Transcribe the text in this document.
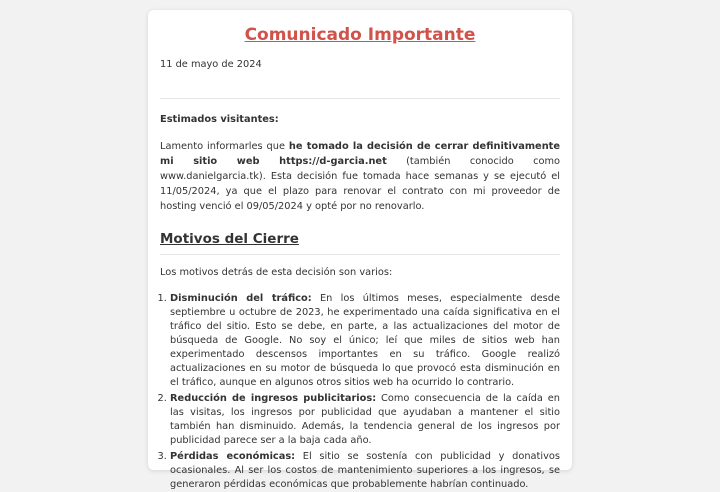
Comunicado Importante
11 de mayo de 2024
Estimados visitantes:

Lamento informarles que he tomado la decisión de cerrar definitivamente mi sitio web https://d-garcia.net (también conocido como www.danielgarcia.tk). Esta decisión fue tomada hace semanas y se ejecutó el 11/05/2024, ya que el plazo para renovar el contrato con mi proveedor de hosting venció el 09/05/2024 y opté por no renovarlo.

Motivos del Cierre

Los motivos detrás de esta decisión son varios:

1. Disminución del tráfico: En los últimos meses, especialmente desde septiembre u octubre de 2023, he experimentado una caída significativa en el tráfico del sitio. Esto se debe, en parte, a las actualizaciones del motor de búsqueda de Google. No soy el único; leí que miles de sitios web han experimentado descensos importantes en su tráfico. Google realizó actualizaciones en su motor de búsqueda lo que provocó esta disminución en el tráfico, aunque en algunos otros sitios web ha ocurrido lo contrario.
2. Reducción de ingresos publicitarios: Como consecuencia de la caída en las visitas, los ingresos por publicidad que ayudaban a mantener el sitio también han disminuido. Además, la tendencia general de los ingresos por publicidad parece ser a la baja cada año.
3. Pérdidas económicas: El sitio se sostenía con publicidad y donativos ocasionales. Al ser los costos de mantenimiento superiores a los ingresos, se generaron pérdidas económicas que probablemente habrían continuado.
